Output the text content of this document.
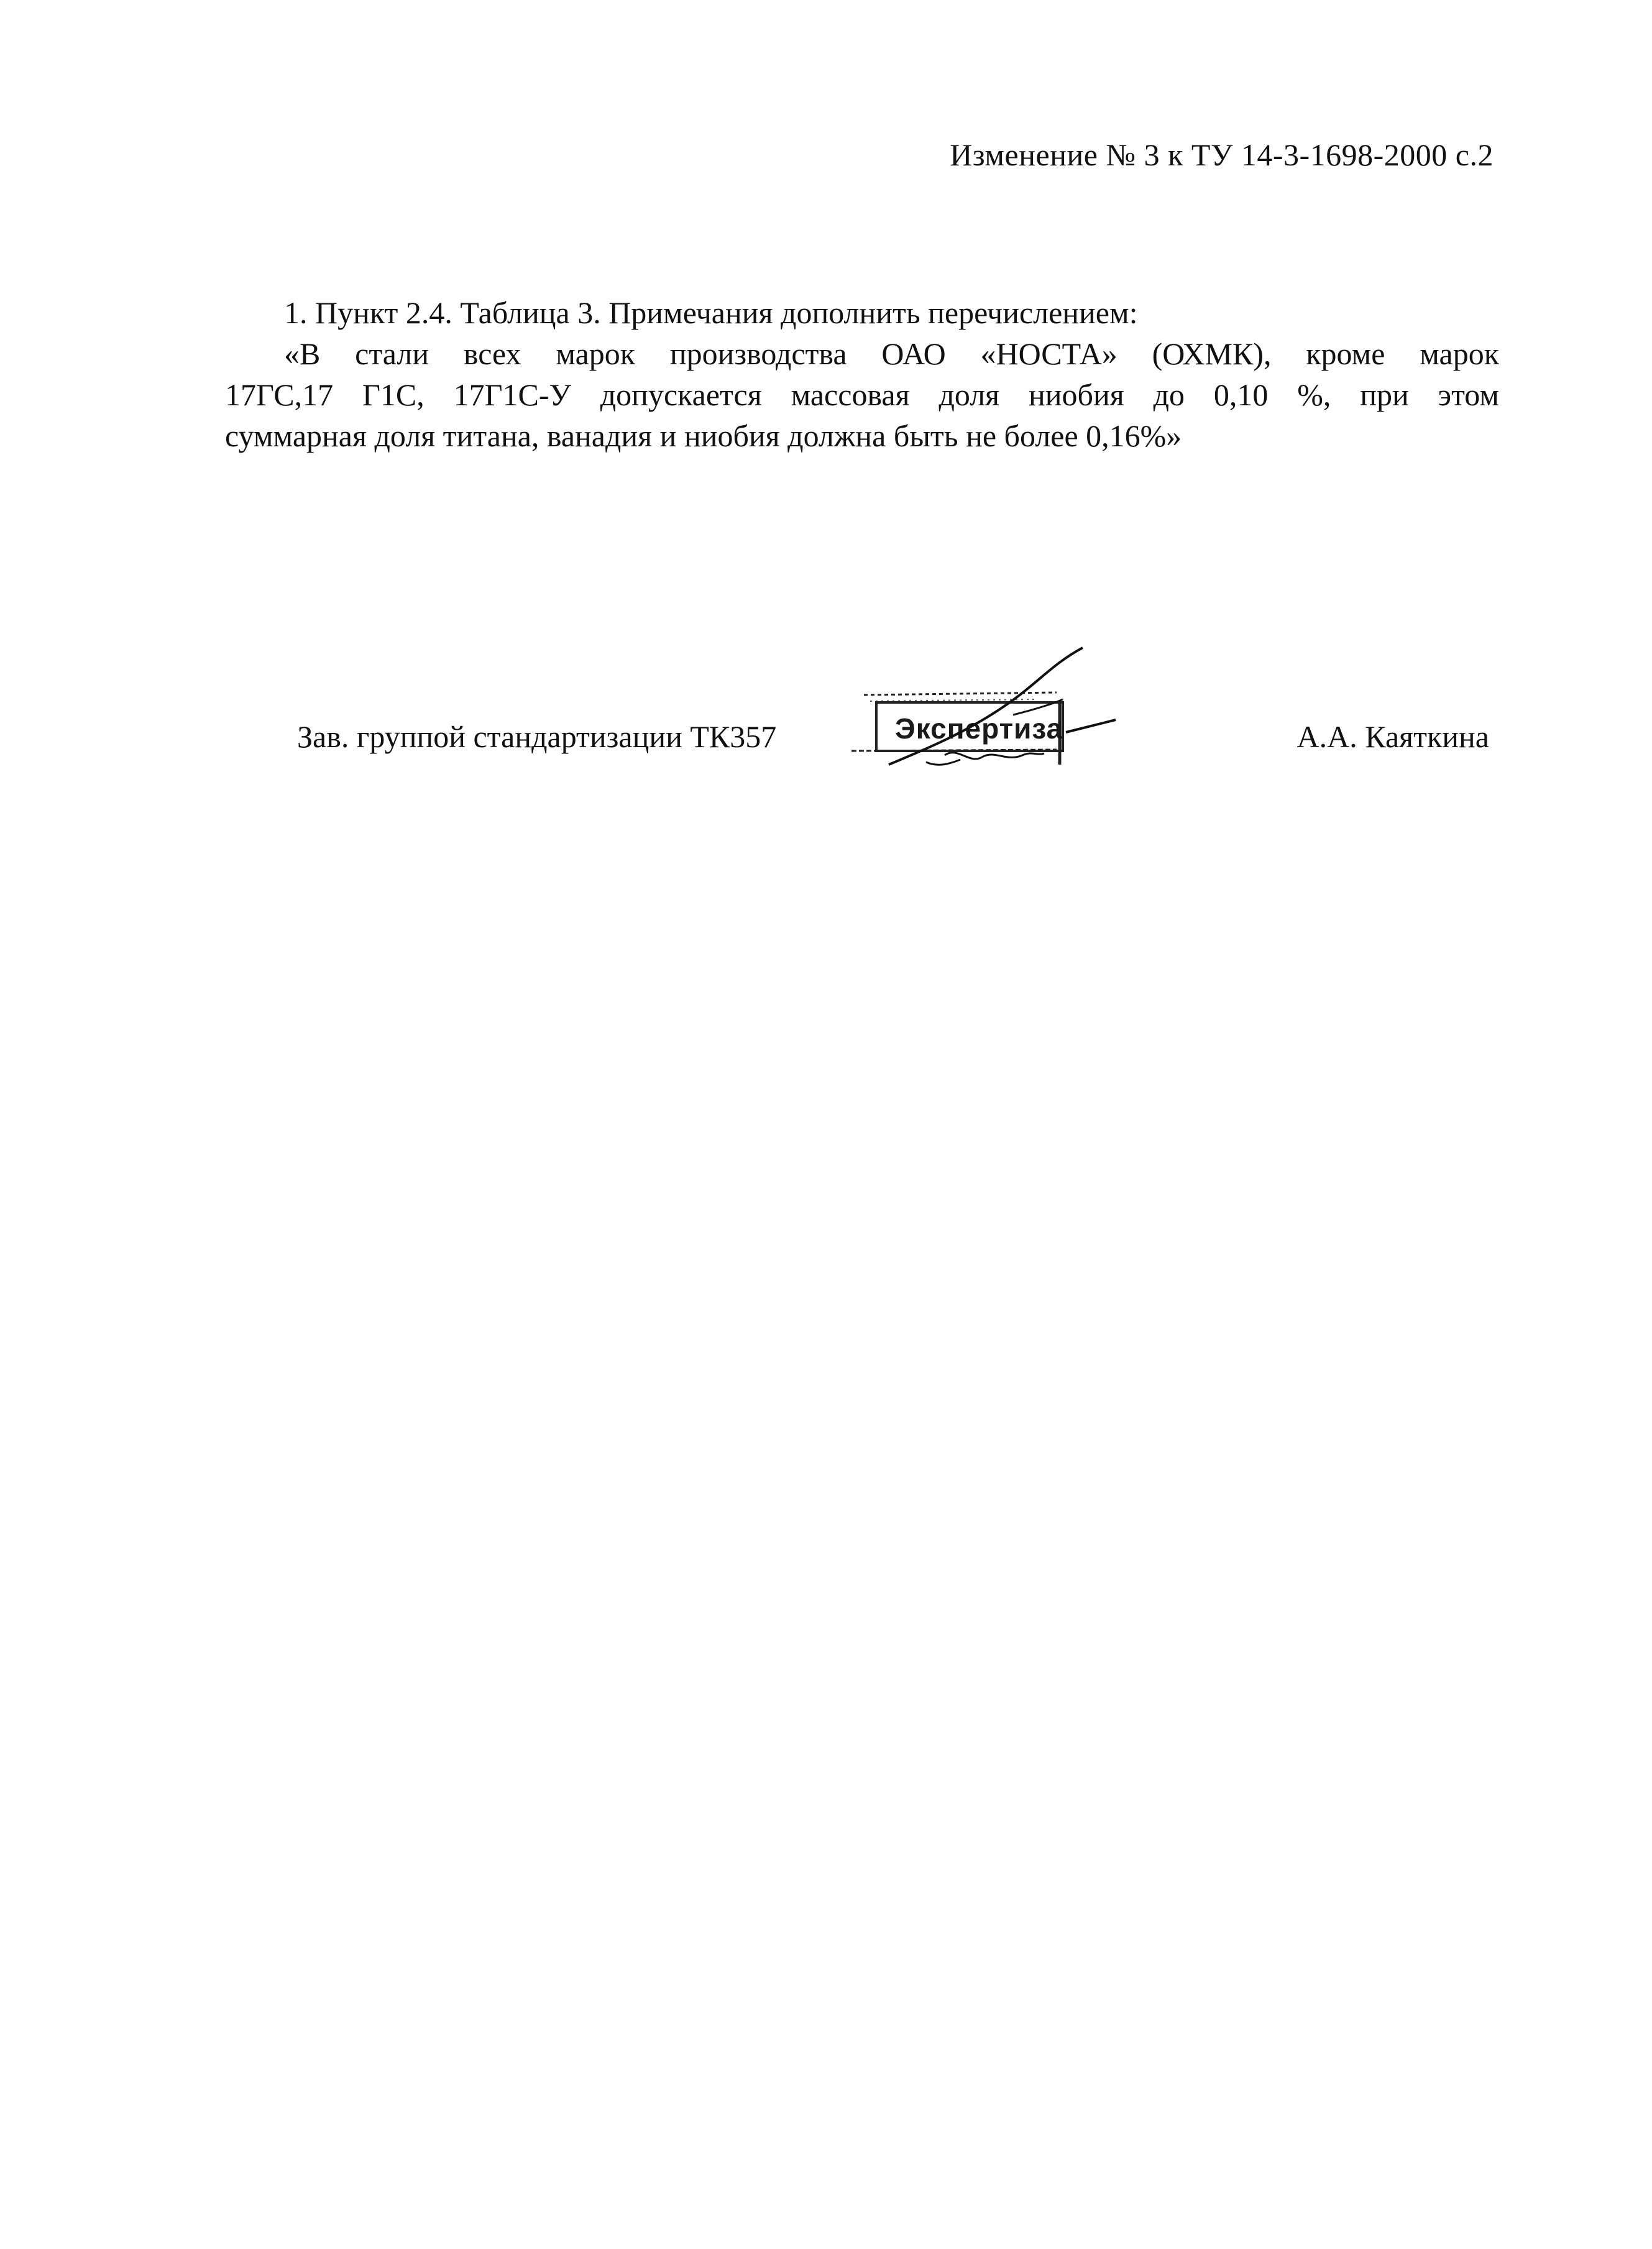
Изменение № 3 к ТУ 14-3-1698-2000 с.2
1. Пункт 2.4. Таблица 3. Примечания дополнить перечислением:
«В стали всех марок производства ОАО «НОСТА» (ОХМК), кроме марок
17ГС,17 Г1С, 17Г1С-У допускается массовая доля ниобия до 0,10 %, при этом
суммарная доля титана, ванадия и ниобия должна быть не более 0,16%»
Зав. группой стандартизации ТК357	Экспертиза	А.А. Каяткина
